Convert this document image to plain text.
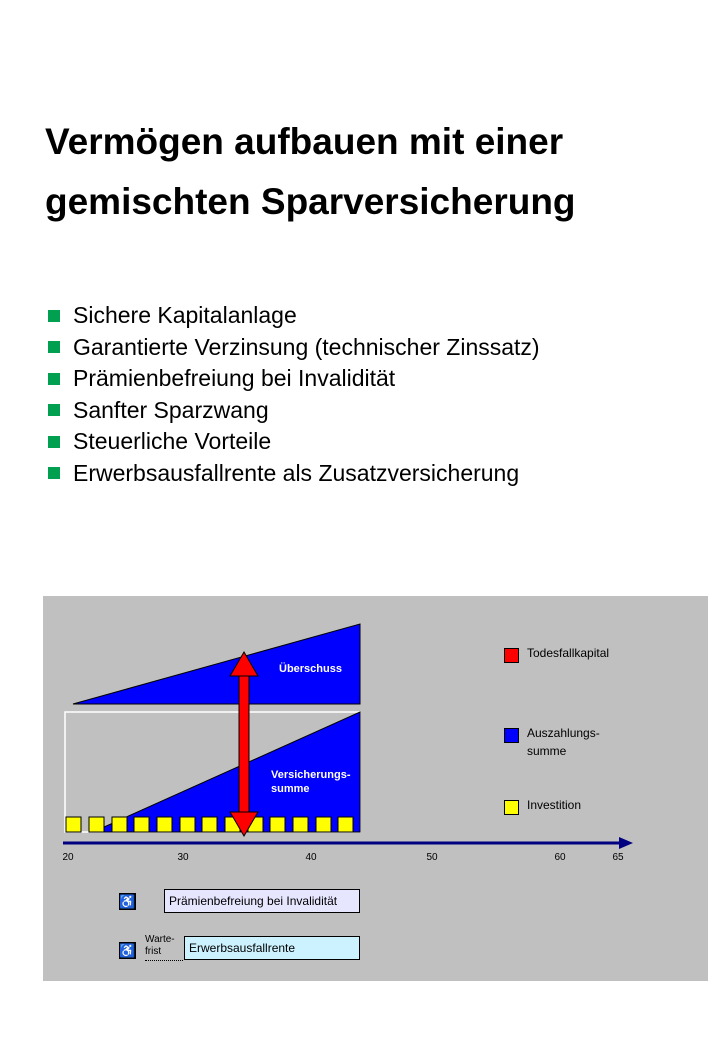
Vermögen aufbauen mit einer
gemischten Sparversicherung
Sichere Kapitalanlage
Garantierte Verzinsung (technischer Zinssatz)
Prämienbefreiung bei Invalidität
Sanfter Sparzwang
Steuerliche Vorteile
Erwerbsausfallrente als Zusatzversicherung
Überschuss
Versicherungs-
summe
Todesfallkapital
Auszahlungs-
summe
Investition
20	30	40	50	60	65
♿	Prämienbefreiung bei Invalidität
Warte-
frist
♿	Erwerbsausfallrente
